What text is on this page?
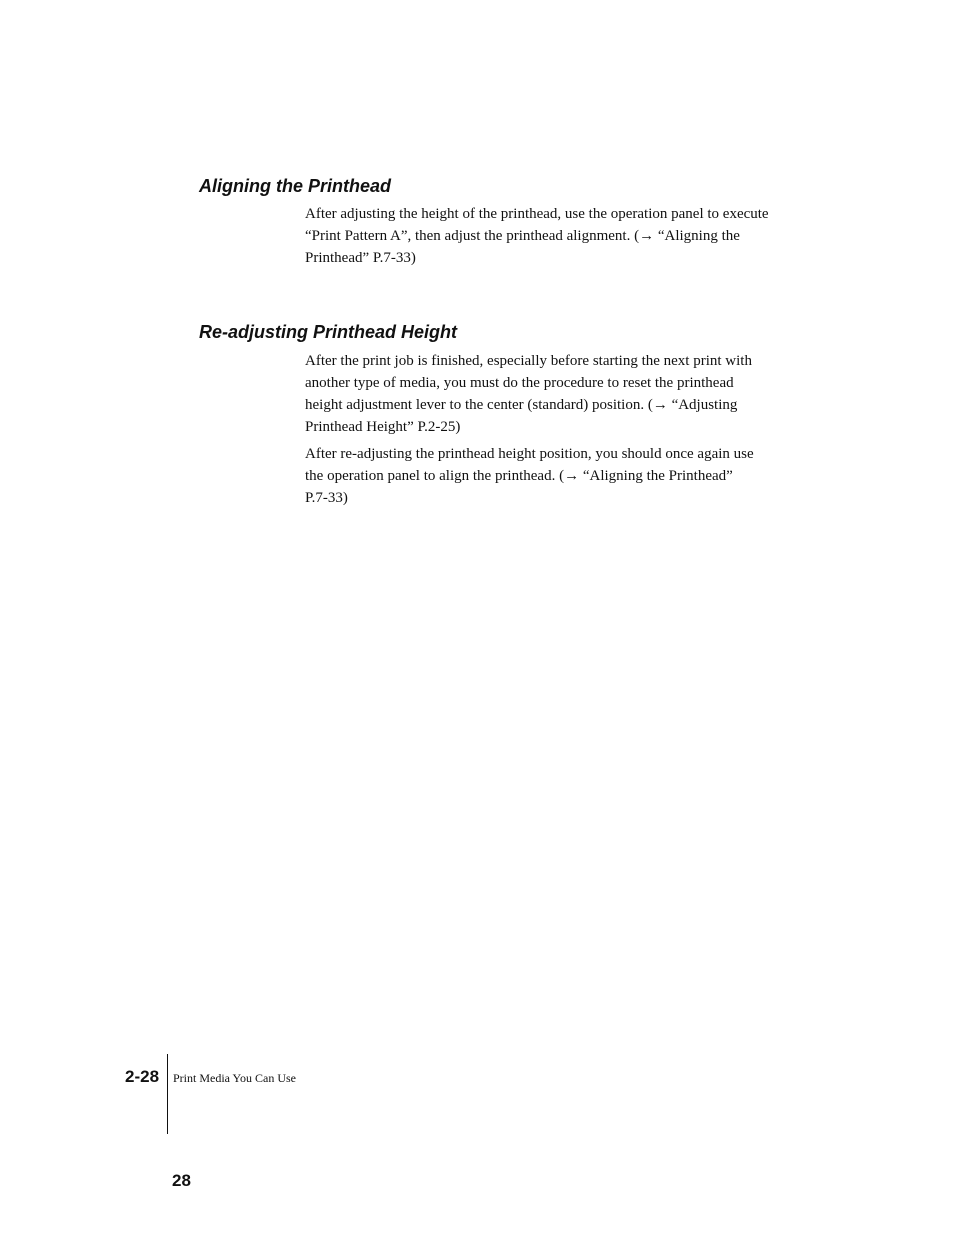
Aligning the Printhead

After adjusting the height of the printhead, use the operation panel to execute
“Print Pattern A”, then adjust the printhead alignment. (→ “Aligning the
Printhead” P.7-33)

Re-adjusting Printhead Height

After the print job is finished, especially before starting the next print with
another type of media, you must do the procedure to reset the printhead
height adjustment lever to the center (standard) position. (→ “Adjusting
Printhead Height” P.2-25)

After re-adjusting the printhead height position, you should once again use
the operation panel to align the printhead. (→ “Aligning the Printhead”
P.7-33)

2-28 Print Media You Can Use
28
